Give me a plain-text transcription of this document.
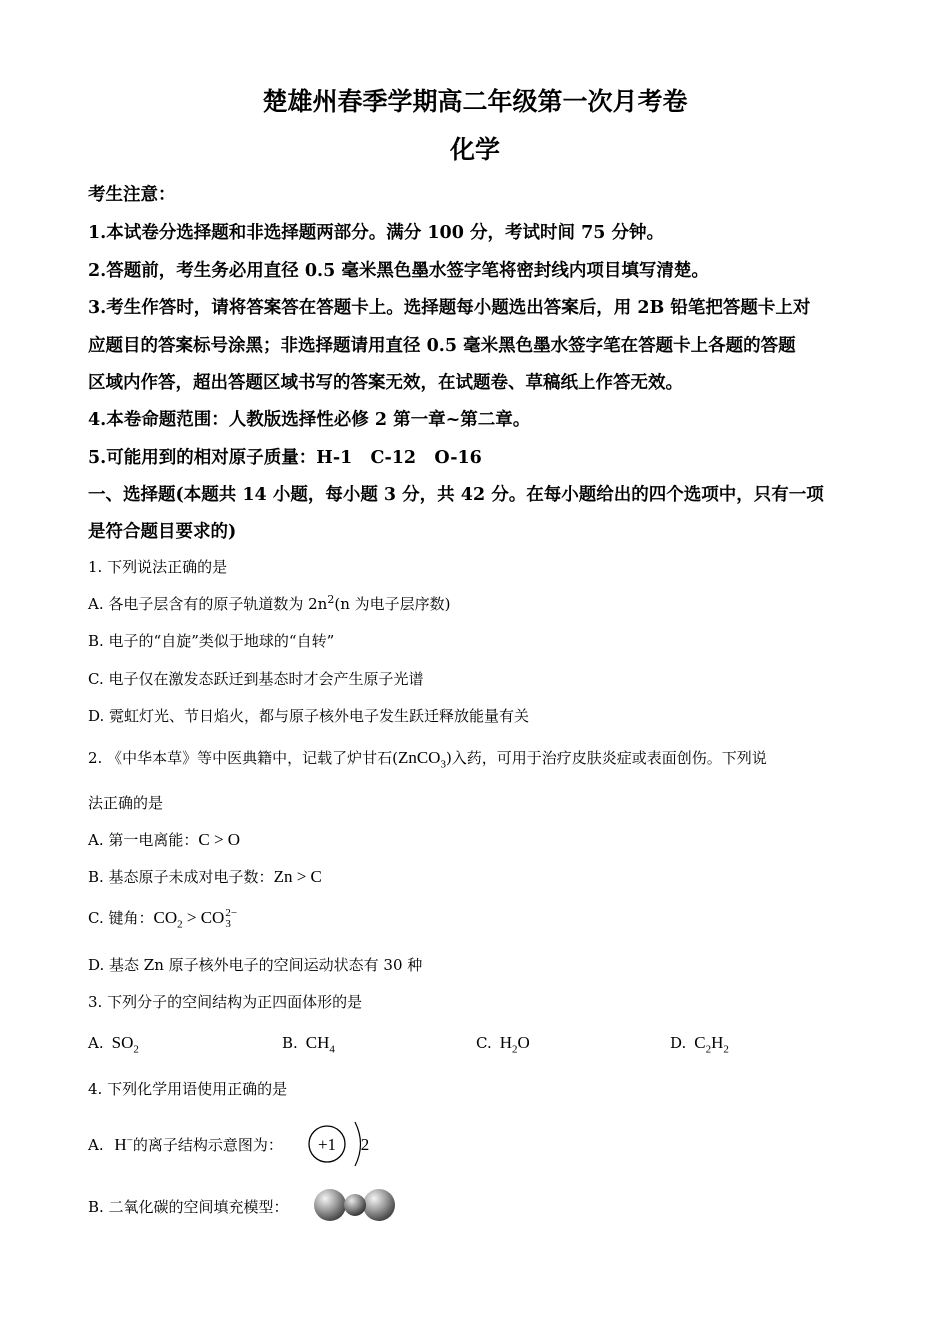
楚雄州春季学期高二年级第一次月考卷
化学
考生注意：
1.本试卷分选择题和非选择题两部分。满分 100 分，考试时间 75 分钟。
2.答题前，考生务必用直径 0.5 毫米黑色墨水签字笔将密封线内项目填写清楚。
3.考生作答时，请将答案答在答题卡上。选择题每小题选出答案后，用 2B 铅笔把答题卡上对
应题目的答案标号涂黑；非选择题请用直径 0.5 毫米黑色墨水签字笔在答题卡上各题的答题
区域内作答，超出答题区域书写的答案无效，在试题卷、草稿纸上作答无效。
4.本卷命题范围：人教版选择性必修 2 第一章~第二章。
5.可能用到的相对原子质量：H-1   C-12   O-16
一、选择题(本题共 14 小题，每小题 3 分，共 42 分。在每小题给出的四个选项中，只有一项
是符合题目要求的)
1. 下列说法正确的是
A. 各电子层含有的原子轨道数为 $2n^2(n$ 为电子层序数)
B. 电子的“自旋”类似于地球的“自转”
C. 电子仅在激发态跃迁到基态时才会产生原子光谱
D. 霓虹灯光、节日焰火，都与原子核外电子发生跃迁释放能量有关
2. 《中华本草》等中医典籍中，记载了炉甘石(ZnCO$_3$)入药，可用于治疗皮肤炎症或表面创伤。下列说
法正确的是
A. 第一电离能：C > O
B. 基态原子未成对电子数：Zn > C
C. 键角：$CO_2$ > CO 2−
3
D. 基态 Zn 原子核外电子的空间运动状态有 30 种
3. 下列分子的空间结构为正四面体形的是
A. $SO_2$	B. $CH_4$	C. $H_2O$	D. $C_2H_2$
4. 下列化学用语使用正确的是
A. H−的离子结构示意图为： +1 2
B. 二氧化碳的空间填充模型：
